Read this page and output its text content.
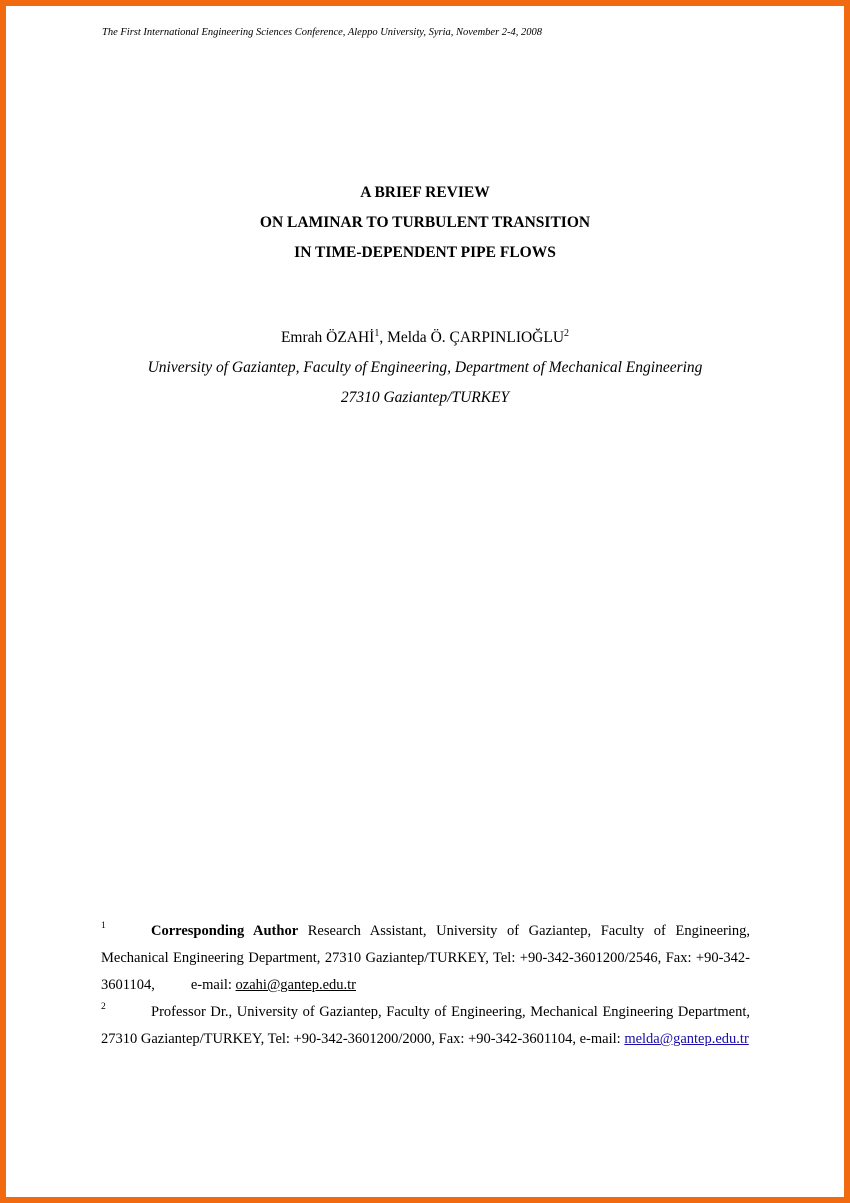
The First International Engineering Sciences Conference, Aleppo University, Syria, November 2-4, 2008
A BRIEF REVIEW
ON LAMINAR TO TURBULENT TRANSITION
IN TIME-DEPENDENT PIPE FLOWS
Emrah ÖZAHİ$^1$, Melda Ö. ÇARPINLIOĞLU$^2$
University of Gaziantep, Faculty of Engineering, Department of Mechanical Engineering
27310 Gaziantep/TURKEY
1	Corresponding Author Research Assistant, University of Gaziantep, Faculty of Engineering, Mechanical Engineering Department, 27310 Gaziantep/TURKEY, Tel: +90-342-3601200/2546, Fax: +90-342-3601104, e-mail: ozahi@gantep.edu.tr
2	Professor Dr., University of Gaziantep, Faculty of Engineering, Mechanical Engineering Department, 27310 Gaziantep/TURKEY, Tel: +90-342-3601200/2000, Fax: +90-342-3601104, e-mail: melda@gantep.edu.tr
